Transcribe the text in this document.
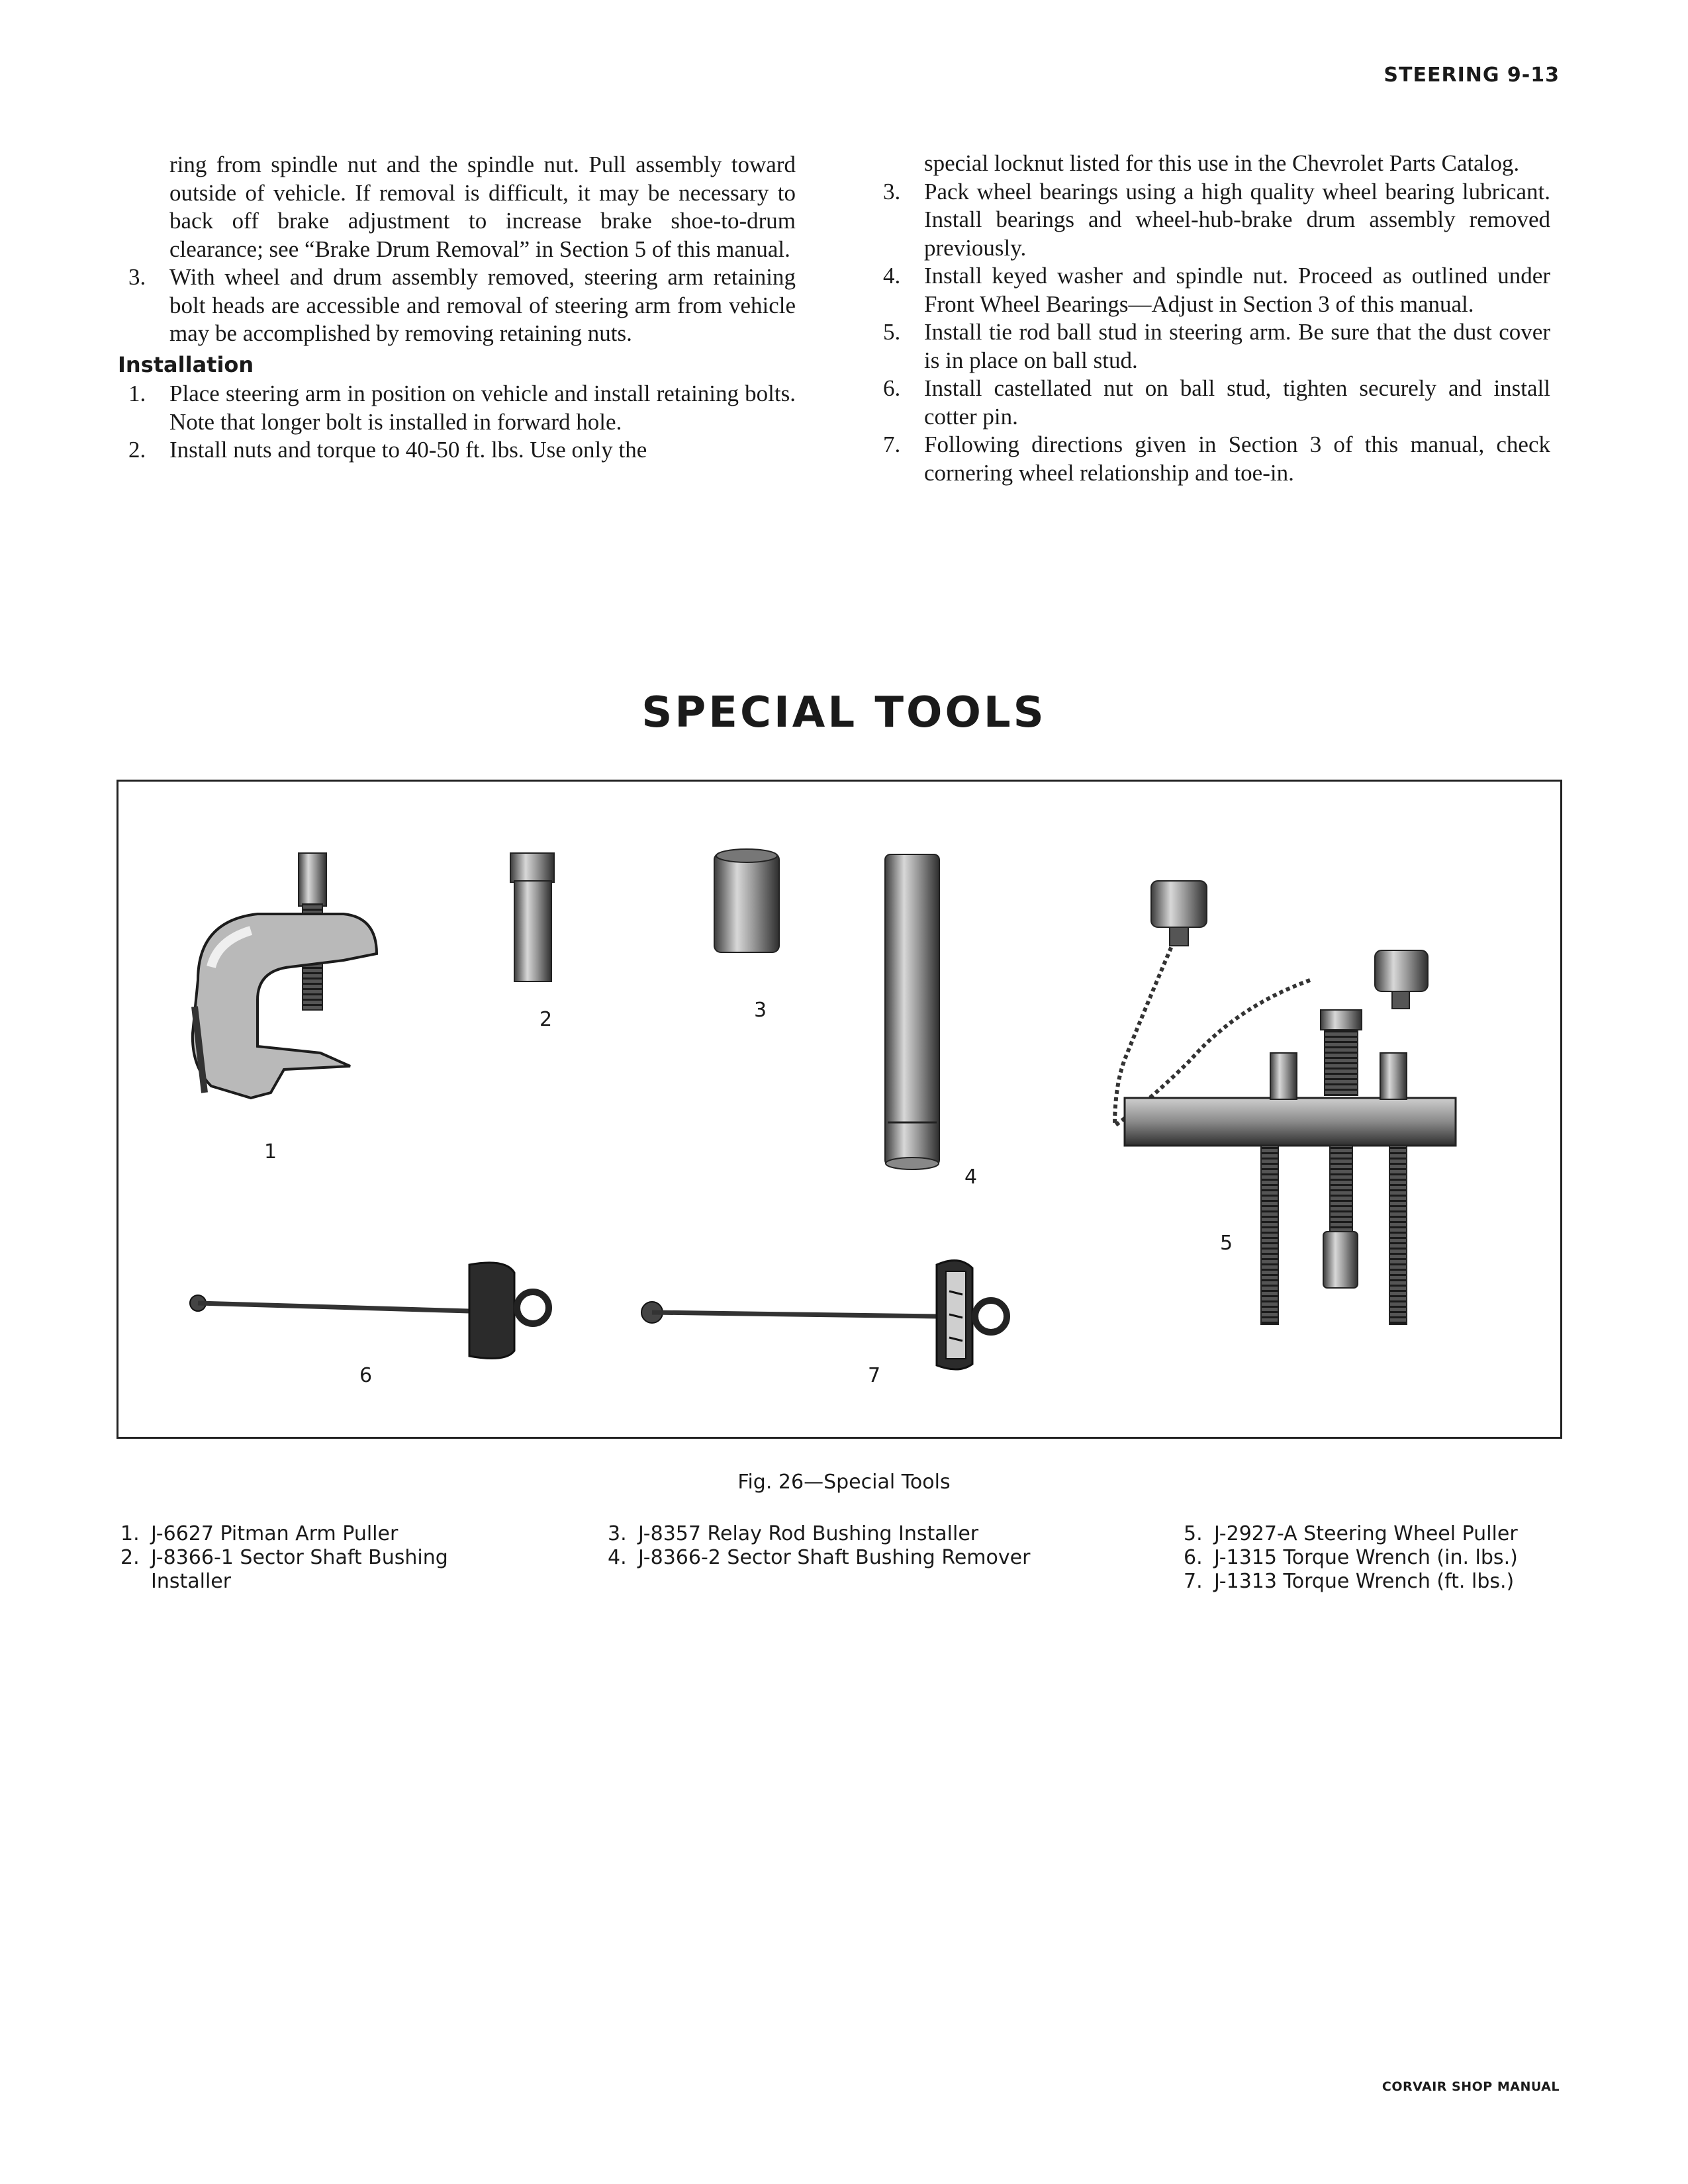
STEERING 9-13

ring from spindle nut and the spindle nut. Pull assembly toward outside of vehicle. If removal is difficult, it may be necessary to back off brake adjustment to increase brake shoe-to-drum clearance; see “Brake Drum Removal” in Section 5 of this manual.

3. With wheel and drum assembly removed, steering arm retaining bolt heads are accessible and removal of steering arm from vehicle may be accomplished by removing retaining nuts.

Installation

1. Place steering arm in position on vehicle and install retaining bolts. Note that longer bolt is installed in forward hole.

2. Install nuts and torque to 40-50 ft. lbs. Use only the

special locknut listed for this use in the Chevrolet Parts Catalog.

3. Pack wheel bearings using a high quality wheel bearing lubricant. Install bearings and wheel-hub-brake drum assembly removed previously.

4. Install keyed washer and spindle nut. Proceed as outlined under Front Wheel Bearings—Adjust in Section 3 of this manual.

5. Install tie rod ball stud in steering arm. Be sure that the dust cover is in place on ball stud.

6. Install castellated nut on ball stud, tighten securely and install cotter pin.

7. Following directions given in Section 3 of this manual, check cornering wheel relationship and toe-in.

SPECIAL TOOLS
1
2	3
4
5
6	7
Fig. 26—Special Tools
1. J-6627 Pitman Arm Puller
2. J-8366-1 Sector Shaft Bushing Installer
3. J-8357 Relay Rod Bushing Installer
4. J-8366-2 Sector Shaft Bushing Remover
5. J-2927-A Steering Wheel Puller
6. J-1315 Torque Wrench (in. lbs.)
7. J-1313 Torque Wrench (ft. lbs.)
CORVAIR SHOP MANUAL
